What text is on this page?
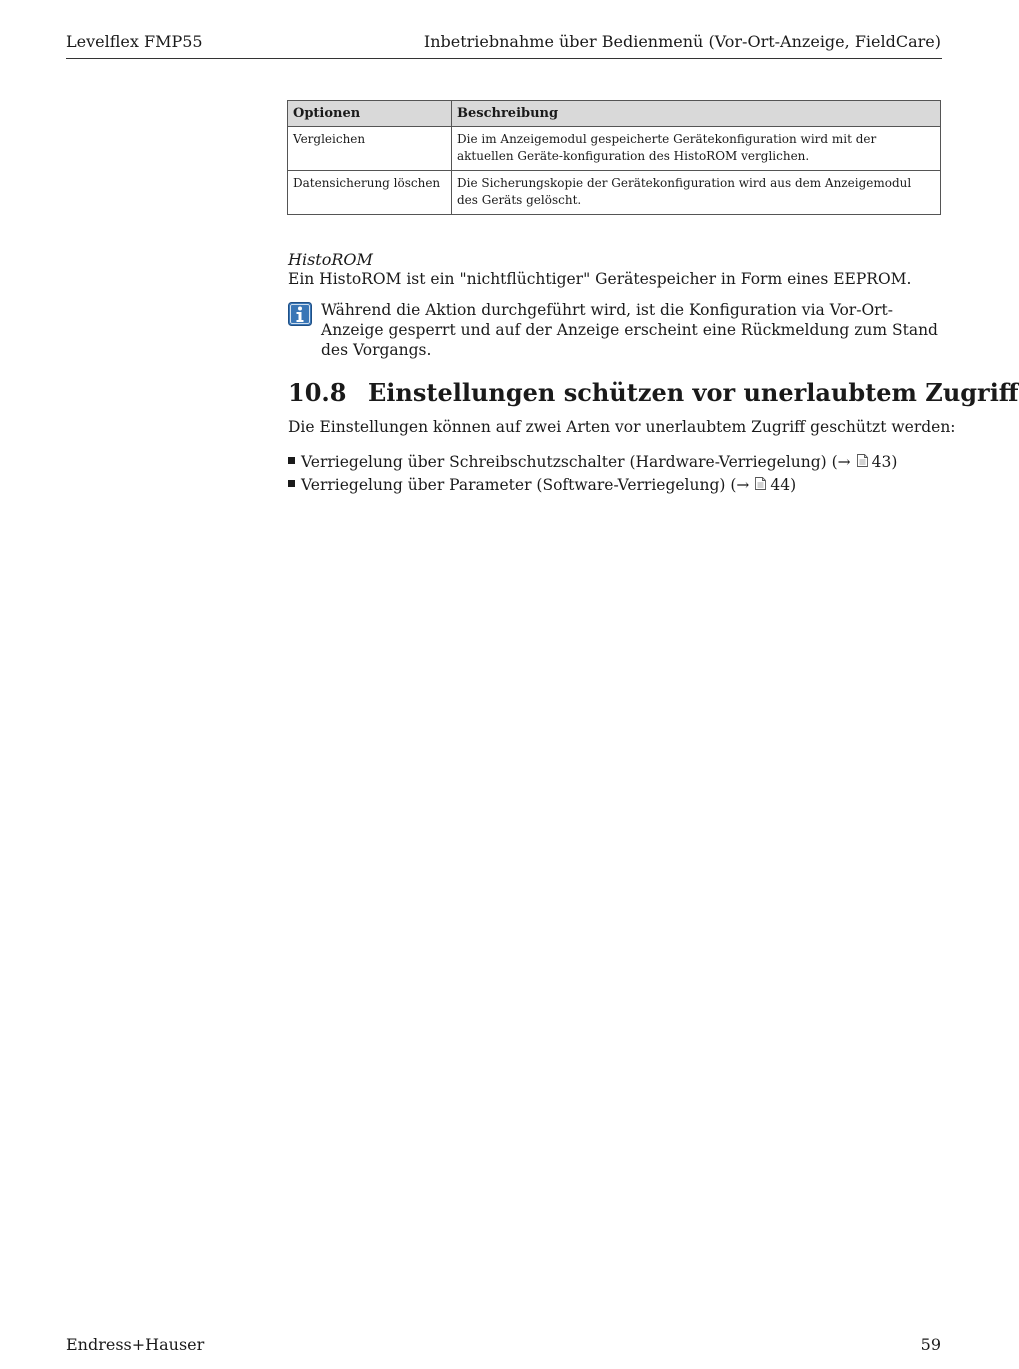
Levelflex FMP55	Inbetriebnahme über Bedienmenü (Vor-Ort-Anzeige, FieldCare)
Optionen	Beschreibung
Vergleichen	Die im Anzeigemodul gespeicherte Gerätekonfiguration wird mit der aktuellen Geräte-konfiguration des HistoROM verglichen.
Datensicherung löschen	Die Sicherungskopie der Gerätekonfiguration wird aus dem Anzeigemodul des Geräts gelöscht.
HistoROM
Ein HistoROM ist ein "nichtflüchtiger" Gerätespeicher in Form eines EEPROM.
Während die Aktion durchgeführt wird, ist die Konfiguration via Vor-Ort-Anzeige gesperrt und auf der Anzeige erscheint eine Rückmeldung zum Stand des Vorgangs.
10.8 Einstellungen schützen vor unerlaubtem Zugriff
Die Einstellungen können auf zwei Arten vor unerlaubtem Zugriff geschützt werden:
Verriegelung über Schreibschutzschalter (Hardware-Verriegelung) (→ 43)
Verriegelung über Parameter (Software-Verriegelung) (→ 44)
Endress+Hauser	59
